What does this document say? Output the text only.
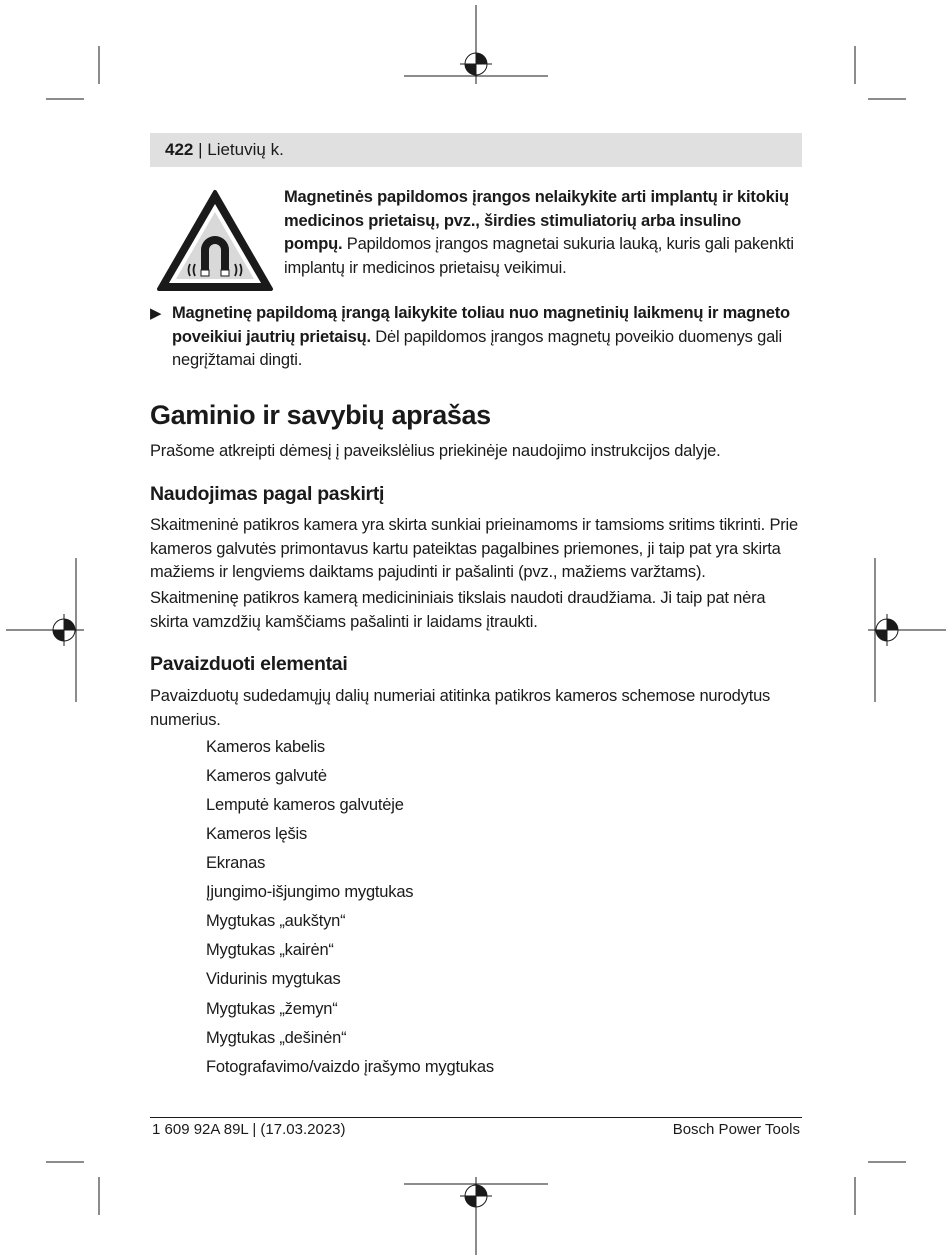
422 | Lietuvių k.
Magnetinės papildomos įrangos nelaikykite arti implantų ir kitokių medicinos prietaisų, pvz., širdies stimuliatorių arba insulino pompų. Papildomos įrangos magnetai sukuria lauką, kuris gali pakenkti implantų ir medicinos prietaisų veikimui.
▶ Magnetinę papildomą įrangą laikykite toliau nuo magnetinių laikmenų ir magneto poveikiui jautrių prietaisų. Dėl papildomos įrangos magnetų poveikio duomenys gali negrįžtamai dingti.
Gaminio ir savybių aprašas
Prašome atkreipti dėmesį į paveikslėlius priekinėje naudojimo instrukcijos dalyje.
Naudojimas pagal paskirtį
Skaitmeninė patikros kamera yra skirta sunkiai prieinamoms ir tamsioms sritims tikrinti. Prie kameros galvutės primontavus kartu pateiktas pagalbines priemones, ji taip pat yra skirta mažiems ir lengviems daiktams pajudinti ir pašalinti (pvz., mažiems varžtams).
Skaitmeninę patikros kamerą medicininiais tikslais naudoti draudžiama. Ji taip pat nėra skirta vamzdžių kamščiams pašalinti ir laidams įtraukti.
Pavaizduoti elementai
Pavaizduotų sudedamųjų dalių numeriai atitinka patikros kameros schemose nurodytus numerius.
Kameros kabelis
Kameros galvutė
Lemputė kameros galvutėje
Kameros lęšis
Ekranas
Įjungimo-išjungimo mygtukas
Mygtukas „aukštyn“
Mygtukas „kairėn“
Vidurinis mygtukas
Mygtukas „žemyn“
Mygtukas „dešinėn“
Fotografavimo/vaizdo įrašymo mygtukas
1 609 92A 89L | (17.03.2023)	Bosch Power Tools
